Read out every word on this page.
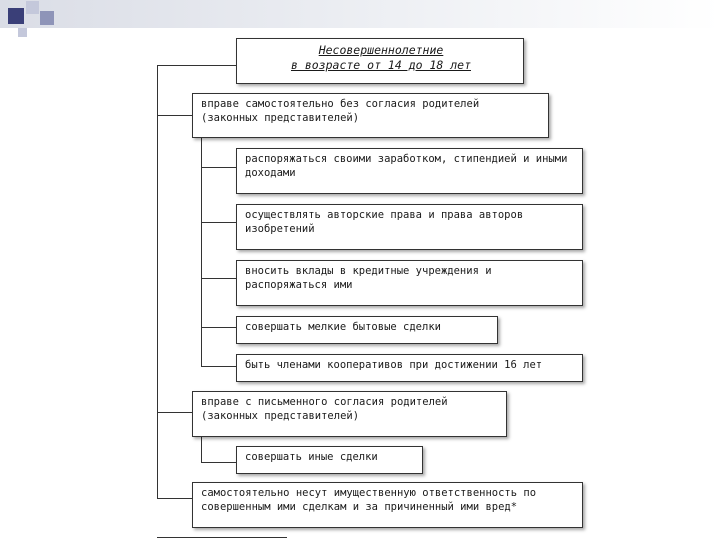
Несовершеннолетние
в возрасте от 14 до 18 лет
вправе самостоятельно без согласия родителей (законных представителей)
распоряжаться своими заработком, стипендией и иными доходами
осуществлять авторские права и права авторов изобретений
вносить вклады в кредитные учреждения и распоряжаться ими
совершать мелкие бытовые сделки
быть членами кооперативов при достижении 16 лет
вправе с письменного согласия родителей (законных представителей)
совершать иные сделки
самостоятельно несут имущественную ответственность по совершенным ими сделкам и за причиненный ими вред*
